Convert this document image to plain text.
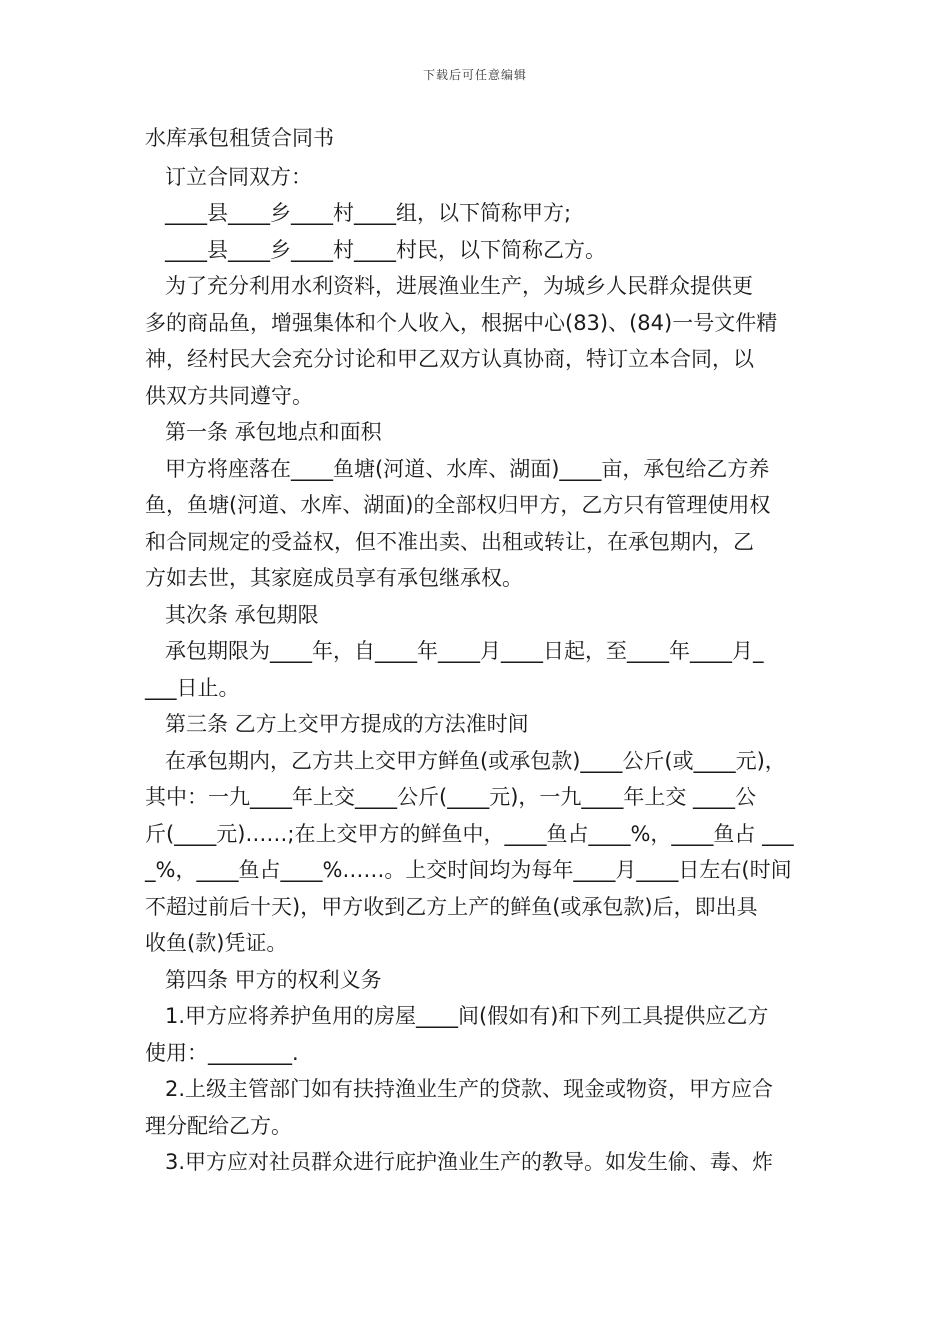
下载后可任意编辑

水库承包租赁合同书

订立合同双方：

____县____乡____村____组，以下简称甲方;

____县____乡____村____村民，以下简称乙方。

为了充分利用水利资料，进展渔业生产，为城乡人民群众提供更

多的商品鱼，增强集体和个人收入，根据中心(83)、(84)一号文件精

神，经村民大会充分讨论和甲乙双方认真协商，特订立本合同，以

供双方共同遵守。

第一条 承包地点和面积

甲方将座落在____鱼塘(河道、水库、湖面)____亩，承包给乙方养

鱼，鱼塘(河道、水库、湖面)的全部权归甲方，乙方只有管理使用权

和合同规定的受益权，但不准出卖、出租或转让，在承包期内，乙

方如去世，其家庭成员享有承包继承权。

其次条 承包期限

承包期限为____年，自____年____月____日起，至____年____月_

___日止。

第三条 乙方上交甲方提成的方法准时间

在承包期内，乙方共上交甲方鲜鱼(或承包款)____公斤(或____元)，

其中：一九____年上交____公斤(____元)，一九____年上交 ____公

斤(____元)……;在上交甲方的鲜鱼中，____鱼占____%，____鱼占 ___

_%，____鱼占____%……。上交时间均为每年____月____日左右(时间

不超过前后十天)，甲方收到乙方上产的鲜鱼(或承包款)后，即出具

收鱼(款)凭证。

第四条 甲方的权利义务

1.甲方应将养护鱼用的房屋____间(假如有)和下列工具提供应乙方

使用：________.

2.上级主管部门如有扶持渔业生产的贷款、现金或物资，甲方应合

理分配给乙方。

3.甲方应对社员群众进行庇护渔业生产的教导。如发生偷、毒、炸
